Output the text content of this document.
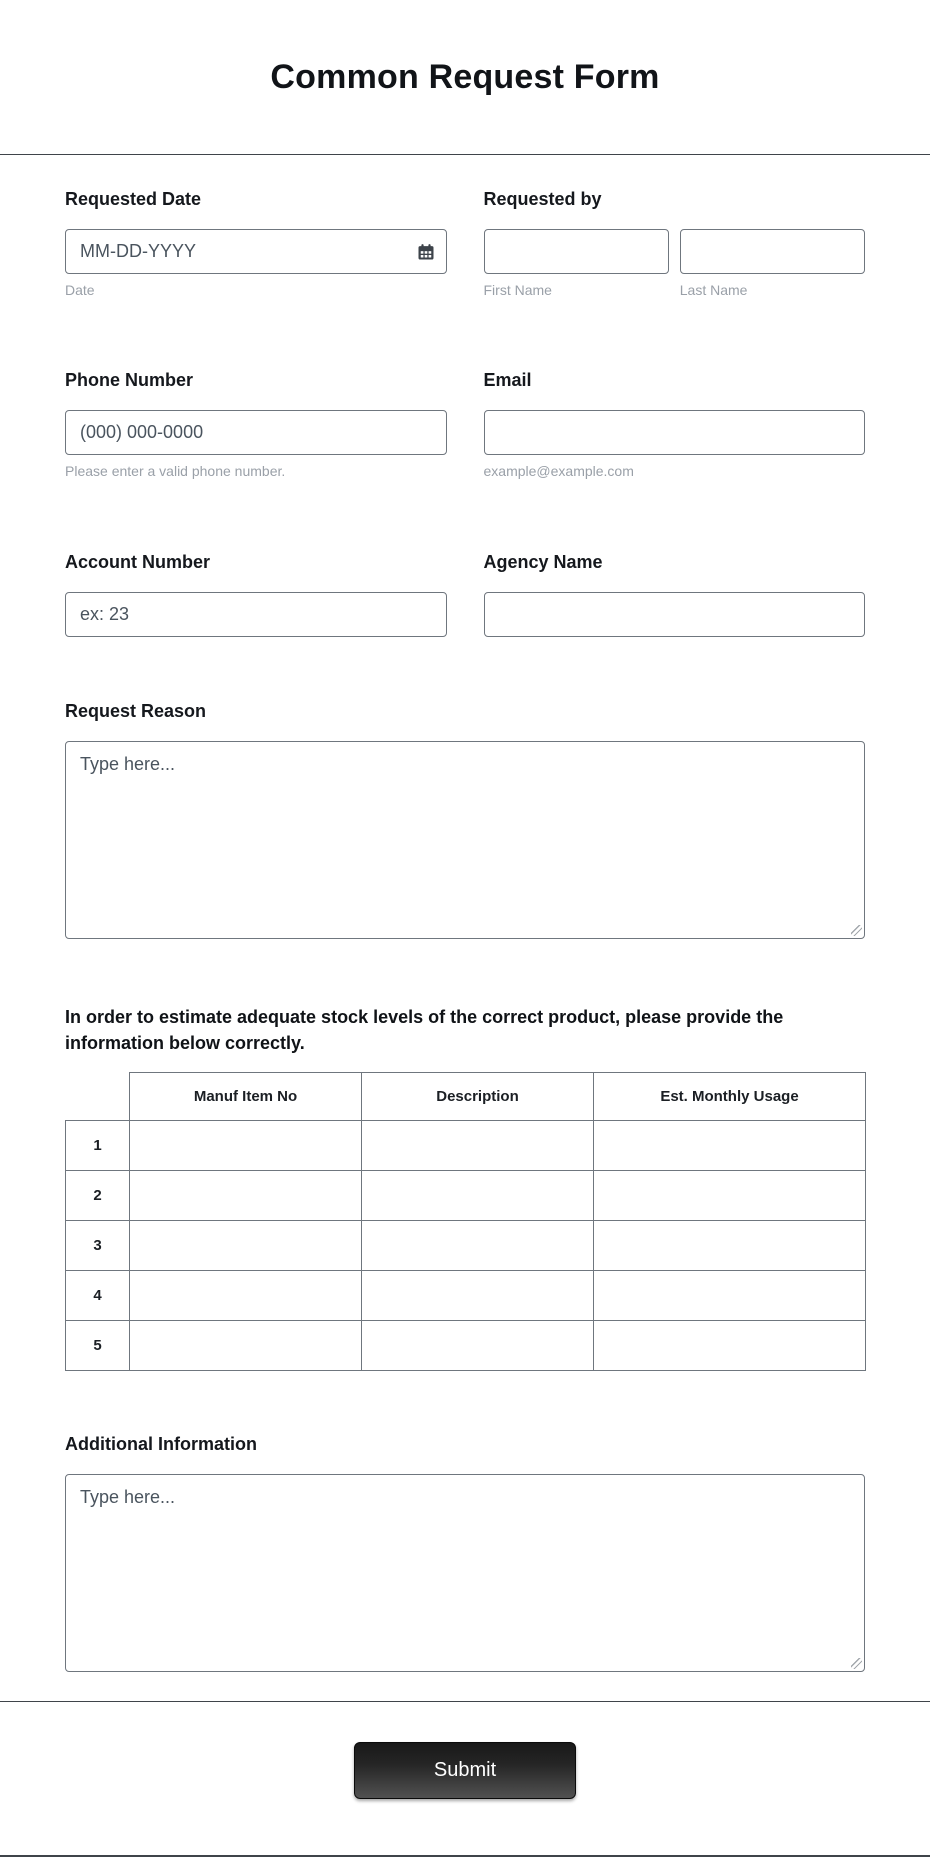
Common Request Form
Requested Date
MM-DD-YYYY
Date
Requested by
First Name	Last Name
Phone Number
(000) 000-0000
Please enter a valid phone number.
Email
example@example.com
Account Number
ex: 23	Agency Name
Request Reason
Type here...

In order to estimate adequate stock levels of the correct product, please provide the information below correctly.

	Manuf Item No	Description	Est. Monthly Usage
1	

2	

3	

4	

5	

Additional Information
Type here...
Submit
